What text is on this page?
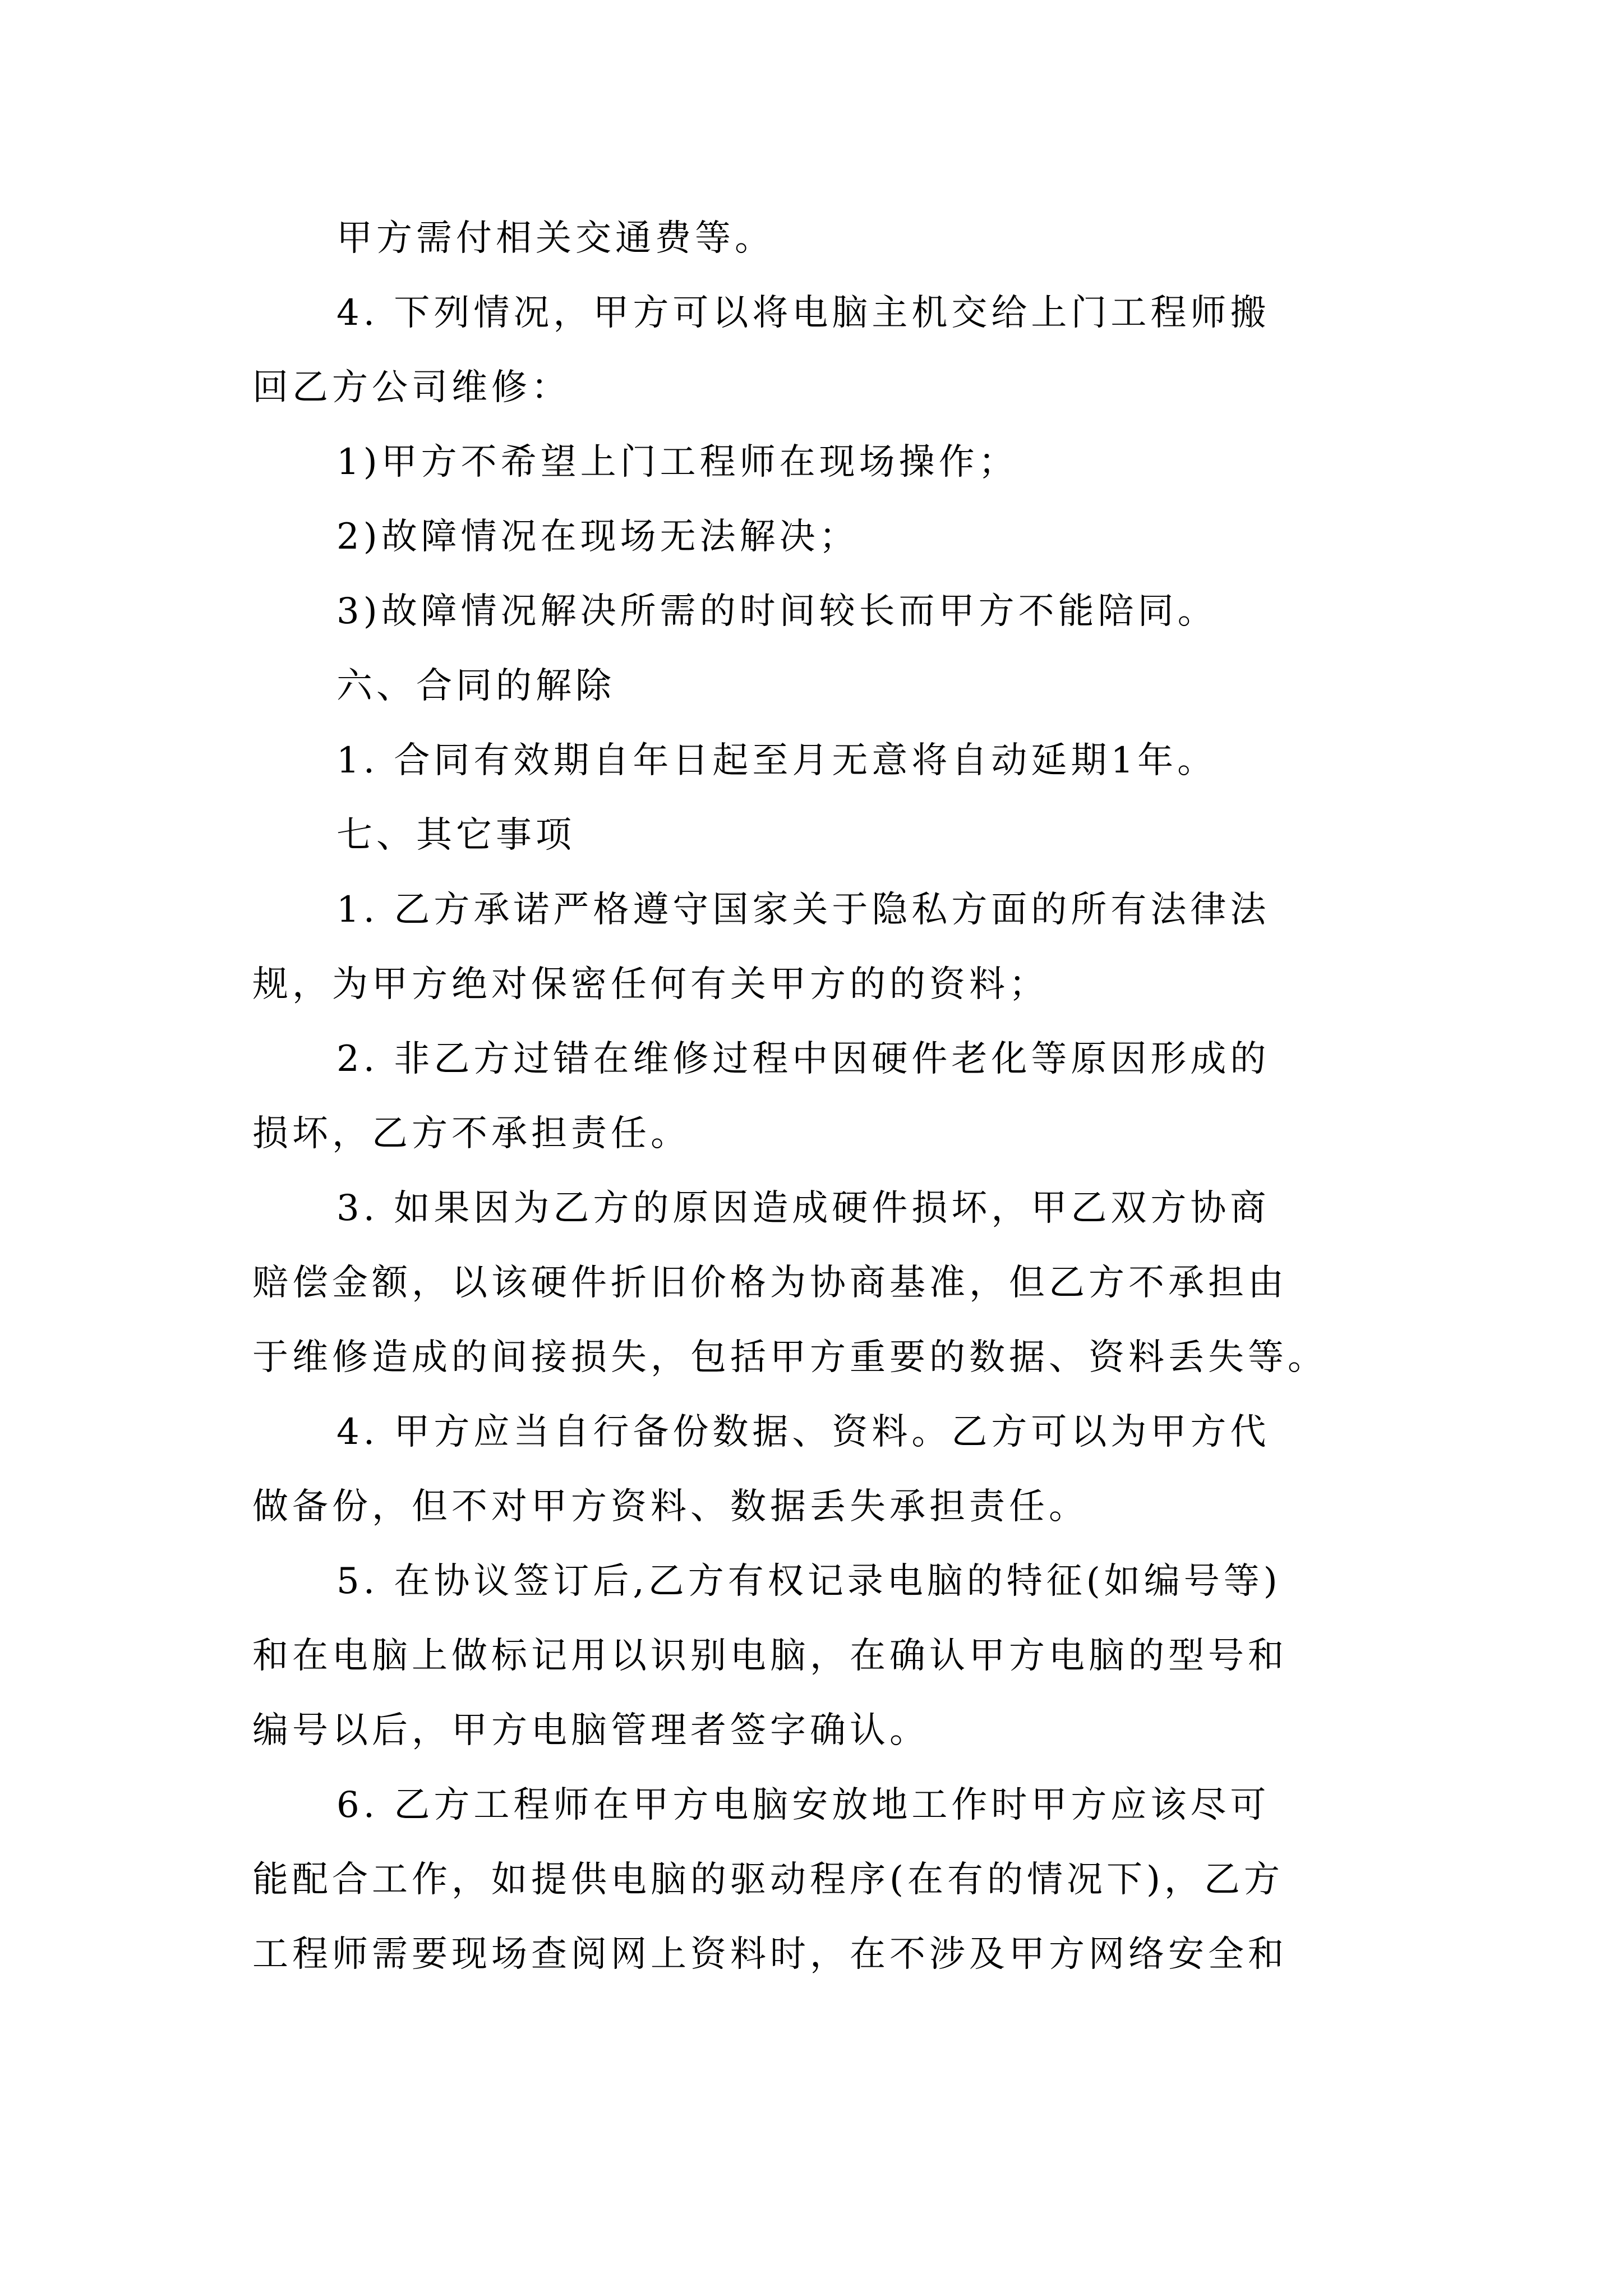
甲方需付相关交通费等。
4. 下列情况，甲方可以将电脑主机交给上门工程师搬
回乙方公司维修：
1)甲方不希望上门工程师在现场操作；
2)故障情况在现场无法解决；
3)故障情况解决所需的时间较长而甲方不能陪同。
六、合同的解除
1. 合同有效期自年日起至月无意将自动延期1年。
七、其它事项
1. 乙方承诺严格遵守国家关于隐私方面的所有法律法
规，为甲方绝对保密任何有关甲方的的资料；
2. 非乙方过错在维修过程中因硬件老化等原因形成的
损坏，乙方不承担责任。
3. 如果因为乙方的原因造成硬件损坏，甲乙双方协商
赔偿金额，以该硬件折旧价格为协商基准，但乙方不承担由
于维修造成的间接损失，包括甲方重要的数据、资料丢失等。
4. 甲方应当自行备份数据、资料。乙方可以为甲方代
做备份，但不对甲方资料、数据丢失承担责任。
5. 在协议签订后,乙方有权记录电脑的特征(如编号等)
和在电脑上做标记用以识别电脑，在确认甲方电脑的型号和
编号以后，甲方电脑管理者签字确认。
6. 乙方工程师在甲方电脑安放地工作时甲方应该尽可
能配合工作，如提供电脑的驱动程序(在有的情况下)，乙方
工程师需要现场查阅网上资料时，在不涉及甲方网络安全和
